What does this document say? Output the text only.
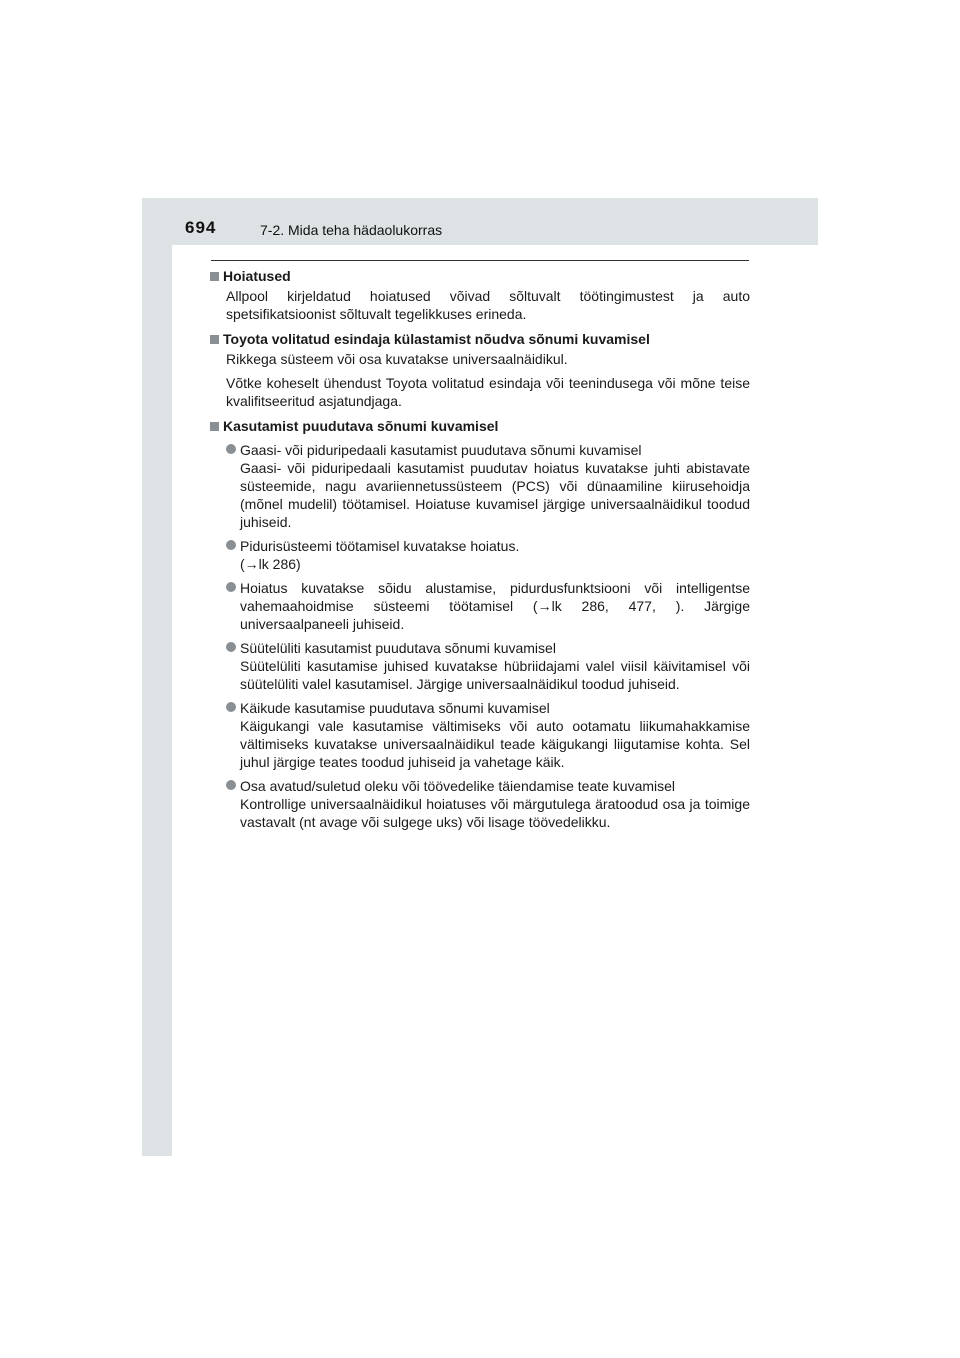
694	7-2. Mida teha hädaolukorras
Hoiatused

Allpool kirjeldatud hoiatused võivad sõltuvalt töötingimustest ja auto spetsifikatsioonist sõltuvalt tegelikkuses erineda.

Toyota volitatud esindaja külastamist nõudva sõnumi kuvamisel

Rikkega süsteem või osa kuvatakse universaalnäidikul.

Võtke koheselt ühendust Toyota volitatud esindaja või teenindusega või mõne teise kvalifitseeritud asjatundjaga.

Kasutamist puudutava sõnumi kuvamisel
Gaasi- või piduripedaali kasutamist puudutava sõnumi kuvamisel
Gaasi- või piduripedaali kasutamist puudutav hoiatus kuvatakse juhti abistavate süsteemide, nagu avariiennetussüsteem (PCS) või dünaamiline kiirusehoidja (mõnel mudelil) töötamisel. Hoiatuse kuvamisel järgige universaalnäidikul toodud juhiseid.
Pidurisüsteemi töötamisel kuvatakse hoiatus.
(→lk 286)
Hoiatus kuvatakse sõidu alustamise, pidurdusfunktsiooni või intelligentse vahemaahoidmise süsteemi töötamisel (→lk 286, 477, ). Järgige universaalpaneeli juhiseid.
Süütelüliti kasutamist puudutava sõnumi kuvamisel
Süütelüliti kasutamise juhised kuvatakse hübriidajami valel viisil käivitamisel või süütelüliti valel kasutamisel. Järgige universaalnäidikul toodud juhiseid.
Käikude kasutamise puudutava sõnumi kuvamisel
Käigukangi vale kasutamise vältimiseks või auto ootamatu liikumahakkamise vältimiseks kuvatakse universaalnäidikul teade käigukangi liigutamise kohta. Sel juhul järgige teates toodud juhiseid ja vahetage käik.
Osa avatud/suletud oleku või töövedelike täiendamise teate kuvamisel
Kontrollige universaalnäidikul hoiatuses või märgutulega äratoodud osa ja toimige vastavalt (nt avage või sulgege uks) või lisage töövedelikku.
